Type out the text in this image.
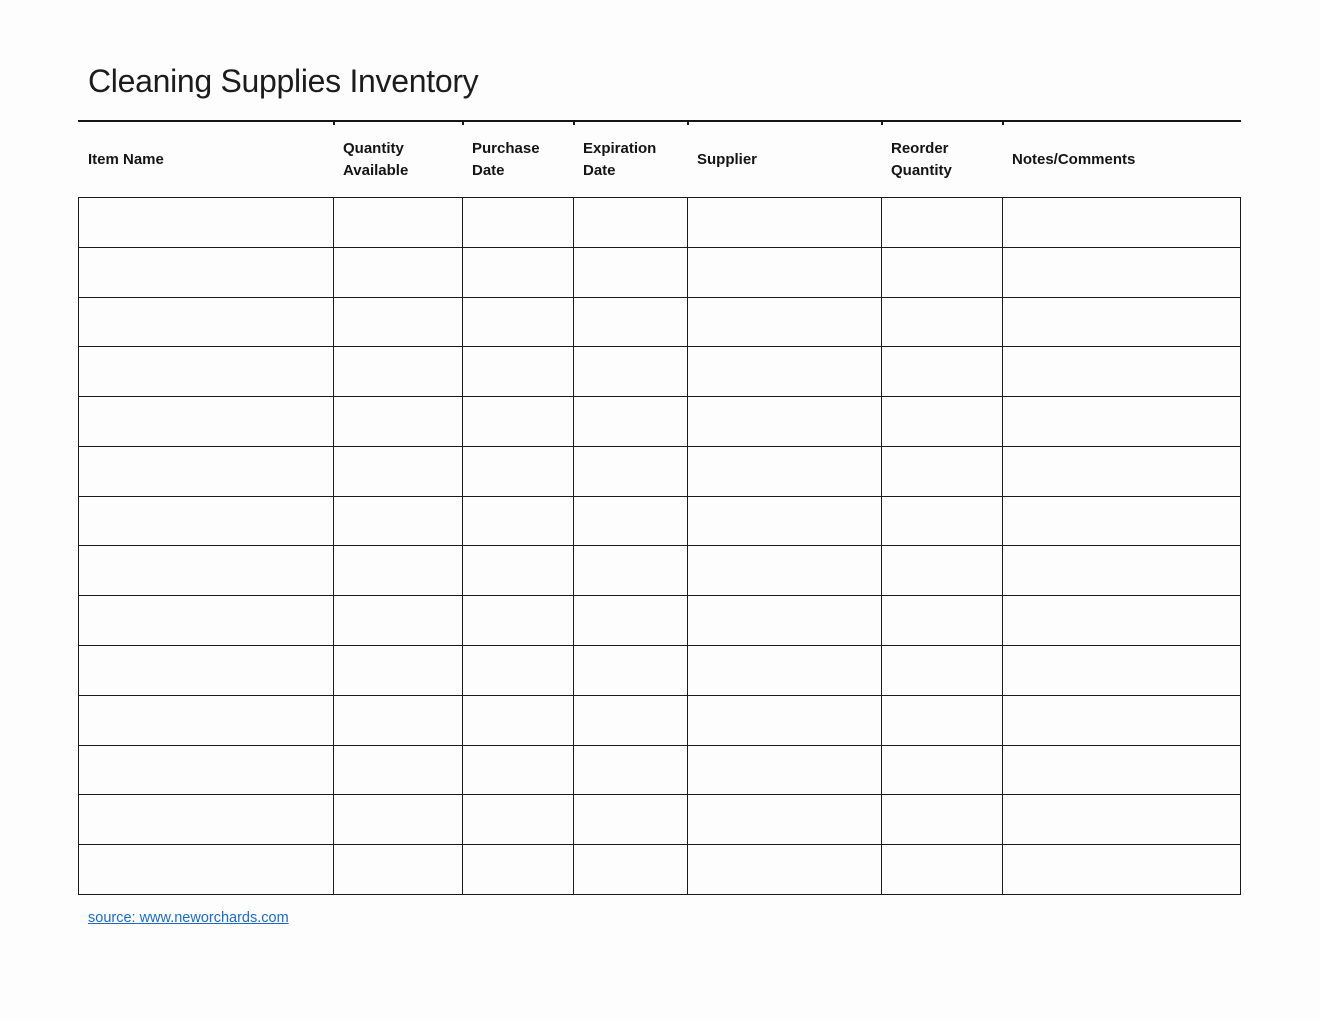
Cleaning Supplies Inventory
Item Name
Quantity Available
Purchase Date
Expiration Date
Supplier
Reorder Quantity
Notes/Comments
source: www.neworchards.com
